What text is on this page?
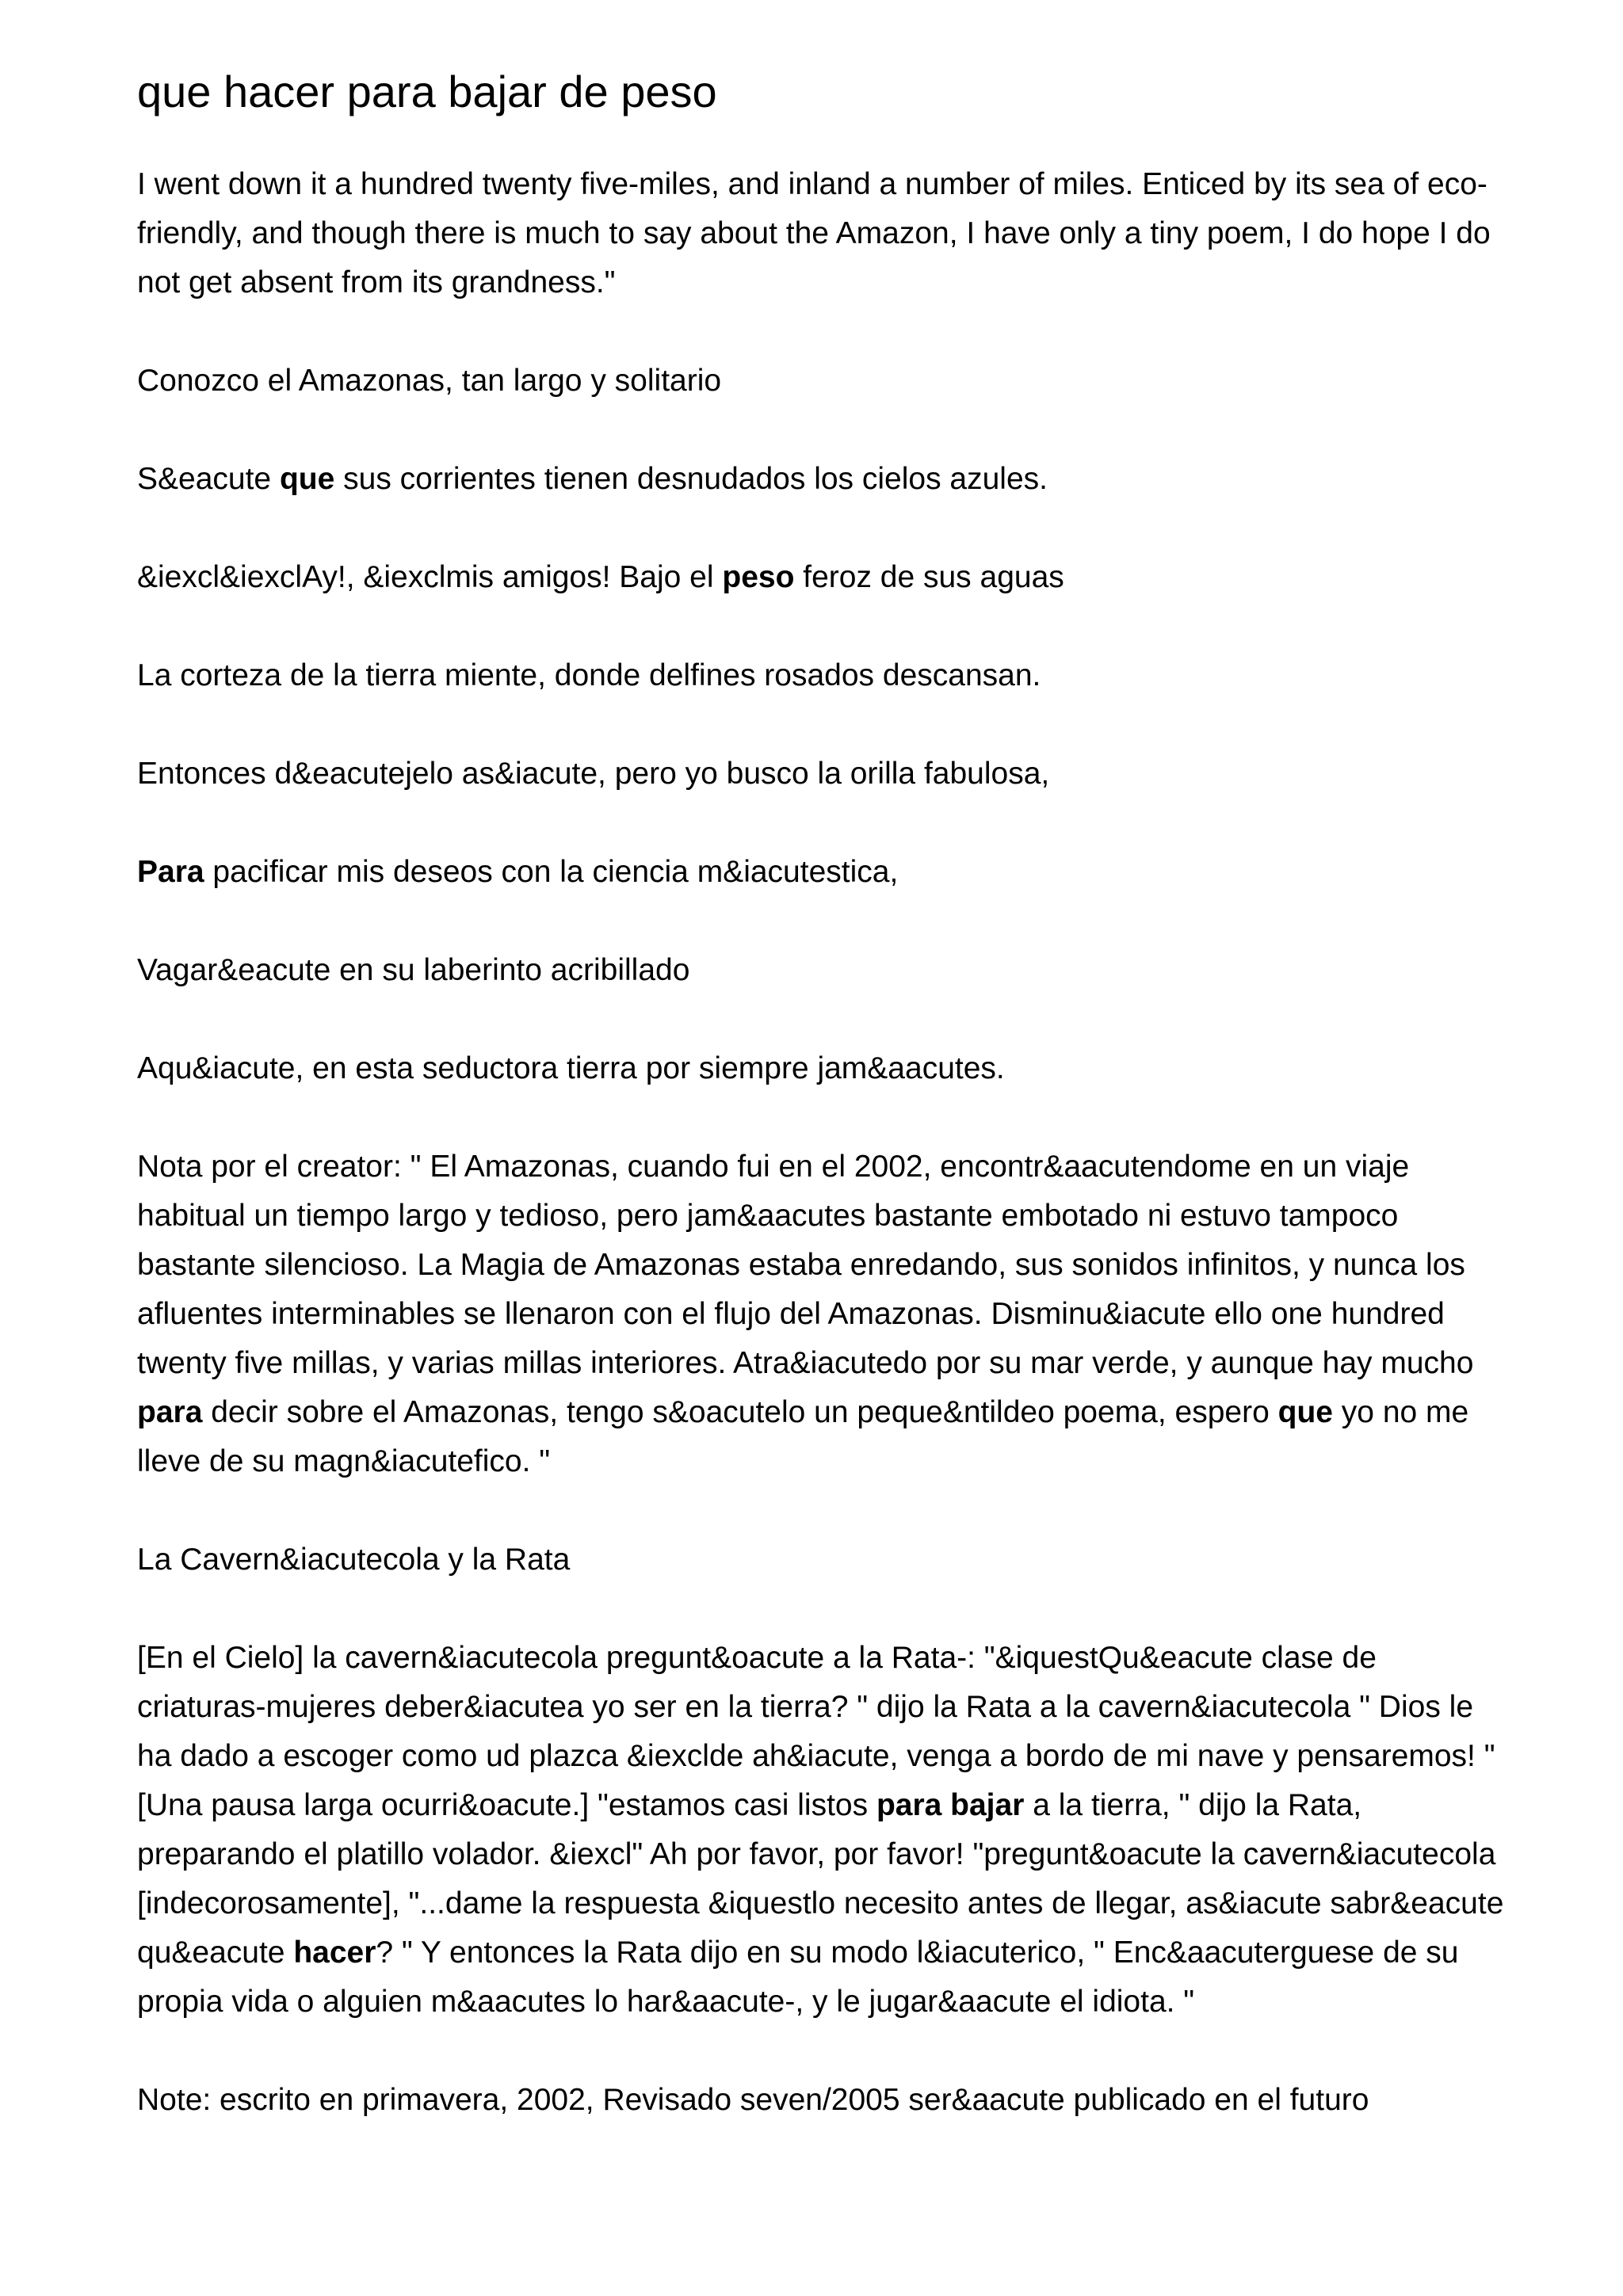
que hacer para bajar de peso

I went down it a hundred twenty five-miles, and inland a number of miles. Enticed by its sea of eco-friendly, and though there is much to say about the Amazon, I have only a tiny poem, I do hope I do not get absent from its grandness."

Conozco el Amazonas, tan largo y solitario

S&eacute que sus corrientes tienen desnudados los cielos azules.

&iexcl&iexclAy!, &iexclmis amigos! Bajo el peso feroz de sus aguas

La corteza de la tierra miente, donde delfines rosados descansan.

Entonces d&eacutejelo as&iacute, pero yo busco la orilla fabulosa,

Para pacificar mis deseos con la ciencia m&iacutestica,

Vagar&eacute en su laberinto acribillado

Aqu&iacute, en esta seductora tierra por siempre jam&aacutes.

Nota por el creator: " El Amazonas, cuando fui en el 2002, encontr&aacutendome en un viaje habitual un tiempo largo y tedioso, pero jam&aacutes bastante embotado ni estuvo tampoco bastante silencioso. La Magia de Amazonas estaba enredando, sus sonidos infinitos, y nunca los afluentes interminables se llenaron con el flujo del Amazonas. Disminu&iacute ello one hundred twenty five millas, y varias millas interiores. Atra&iacutedo por su mar verde, y aunque hay mucho para decir sobre el Amazonas, tengo s&oacutelo un peque&ntildeo poema, espero que yo no me lleve de su magn&iacutefico. "

La Cavern&iacutecola y la Rata

[En el Cielo] la cavern&iacutecola pregunt&oacute a la Rata-: "&iquestQu&eacute clase de criaturas-mujeres deber&iacutea yo ser en la tierra? " dijo la Rata a la cavern&iacutecola " Dios le ha dado a escoger como ud plazca &iexclde ah&iacute, venga a bordo de mi nave y pensaremos! " [Una pausa larga ocurri&oacute.] "estamos casi listos para bajar a la tierra, " dijo la Rata, preparando el platillo volador. &iexcl" Ah por favor, por favor! "pregunt&oacute la cavern&iacutecola [indecorosamente], "...dame la respuesta &iquestlo necesito antes de llegar, as&iacute sabr&eacute qu&eacute hacer? " Y entonces la Rata dijo en su modo l&iacuterico, " Enc&aacuterguese de su propia vida o alguien m&aacutes lo har&aacute-, y le jugar&aacute el idiota. "

Note: escrito en primavera, 2002, Revisado seven/2005 ser&aacute publicado en el futuro
